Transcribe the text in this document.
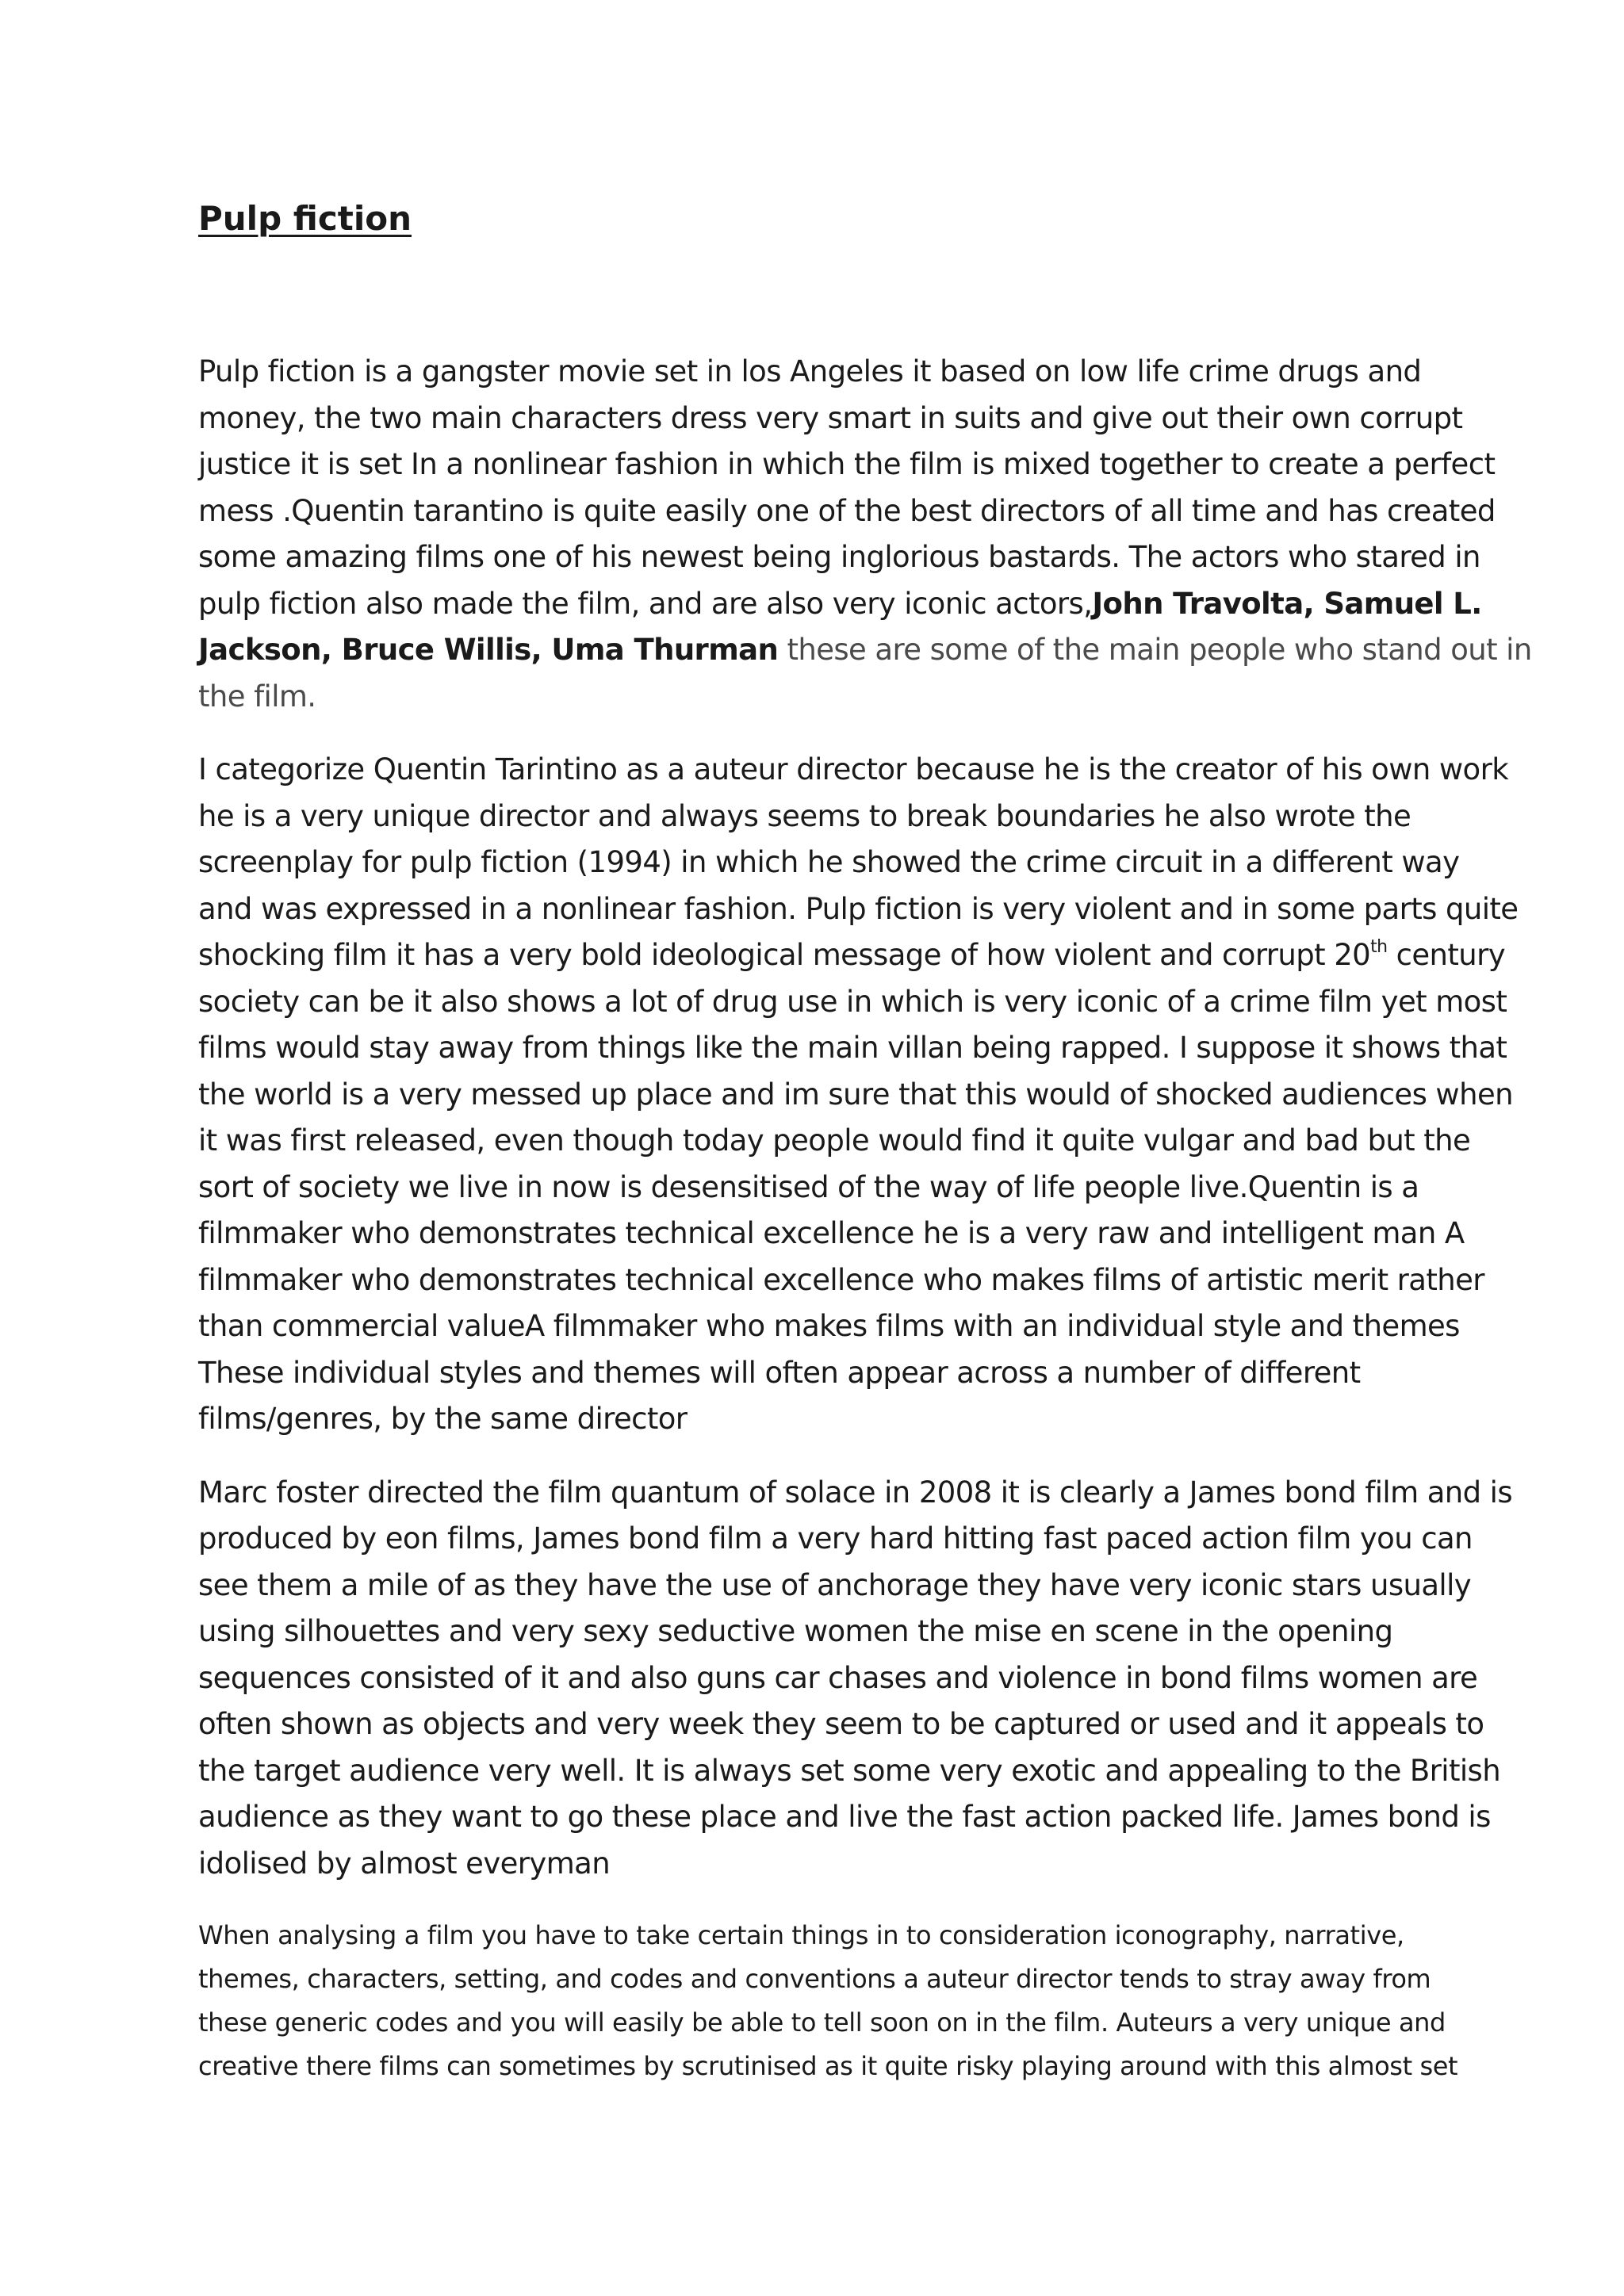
Pulp fiction

Pulp fiction is a gangster movie set in los Angeles it based on low life crime drugs and
money, the two main characters dress very smart in suits and give out their own corrupt
justice it is set In a nonlinear fashion in which the film is mixed together to create a perfect
mess .Quentin tarantino is quite easily one of the best directors of all time and has created
some amazing films one of his newest being inglorious bastards. The actors who stared in
pulp fiction also made the film, and are also very iconic actors,John Travolta, Samuel L.
Jackson, Bruce Willis, Uma Thurman these are some of the main people who stand out in
the film.

I categorize Quentin Tarintino as a auteur director because he is the creator of his own work
he is a very unique director and always seems to break boundaries he also wrote the
screenplay for pulp fiction (1994) in which he showed the crime circuit in a different way
and was expressed in a nonlinear fashion. Pulp fiction is very violent and in some parts quite
shocking film it has a very bold ideological message of how violent and corrupt 20th century
society can be it also shows a lot of drug use in which is very iconic of a crime film yet most
films would stay away from things like the main villan being rapped. I suppose it shows that
the world is a very messed up place and im sure that this would of shocked audiences when
it was first released, even though today people would find it quite vulgar and bad but the
sort of society we live in now is desensitised of the way of life people live.Quentin is a
filmmaker who demonstrates technical excellence he is a very raw and intelligent man A
filmmaker who demonstrates technical excellence who makes films of artistic merit rather
than commercial valueA filmmaker who makes films with an individual style and themes
These individual styles and themes will often appear across a number of different
films/genres, by the same director

Marc foster directed the film quantum of solace in 2008 it is clearly a James bond film and is
produced by eon films, James bond film a very hard hitting fast paced action film you can
see them a mile of as they have the use of anchorage they have very iconic stars usually
using silhouettes and very sexy seductive women the mise en scene in the opening
sequences consisted of it and also guns car chases and violence in bond films women are
often shown as objects and very week they seem to be captured or used and it appeals to
the target audience very well. It is always set some very exotic and appealing to the British
audience as they want to go these place and live the fast action packed life. James bond is
idolised by almost everyman

When analysing a film you have to take certain things in to consideration iconography, narrative,
themes, characters, setting, and codes and conventions a auteur director tends to stray away from
these generic codes and you will easily be able to tell soon on in the film. Auteurs a very unique and
creative there films can sometimes by scrutinised as it quite risky playing around with this almost set
